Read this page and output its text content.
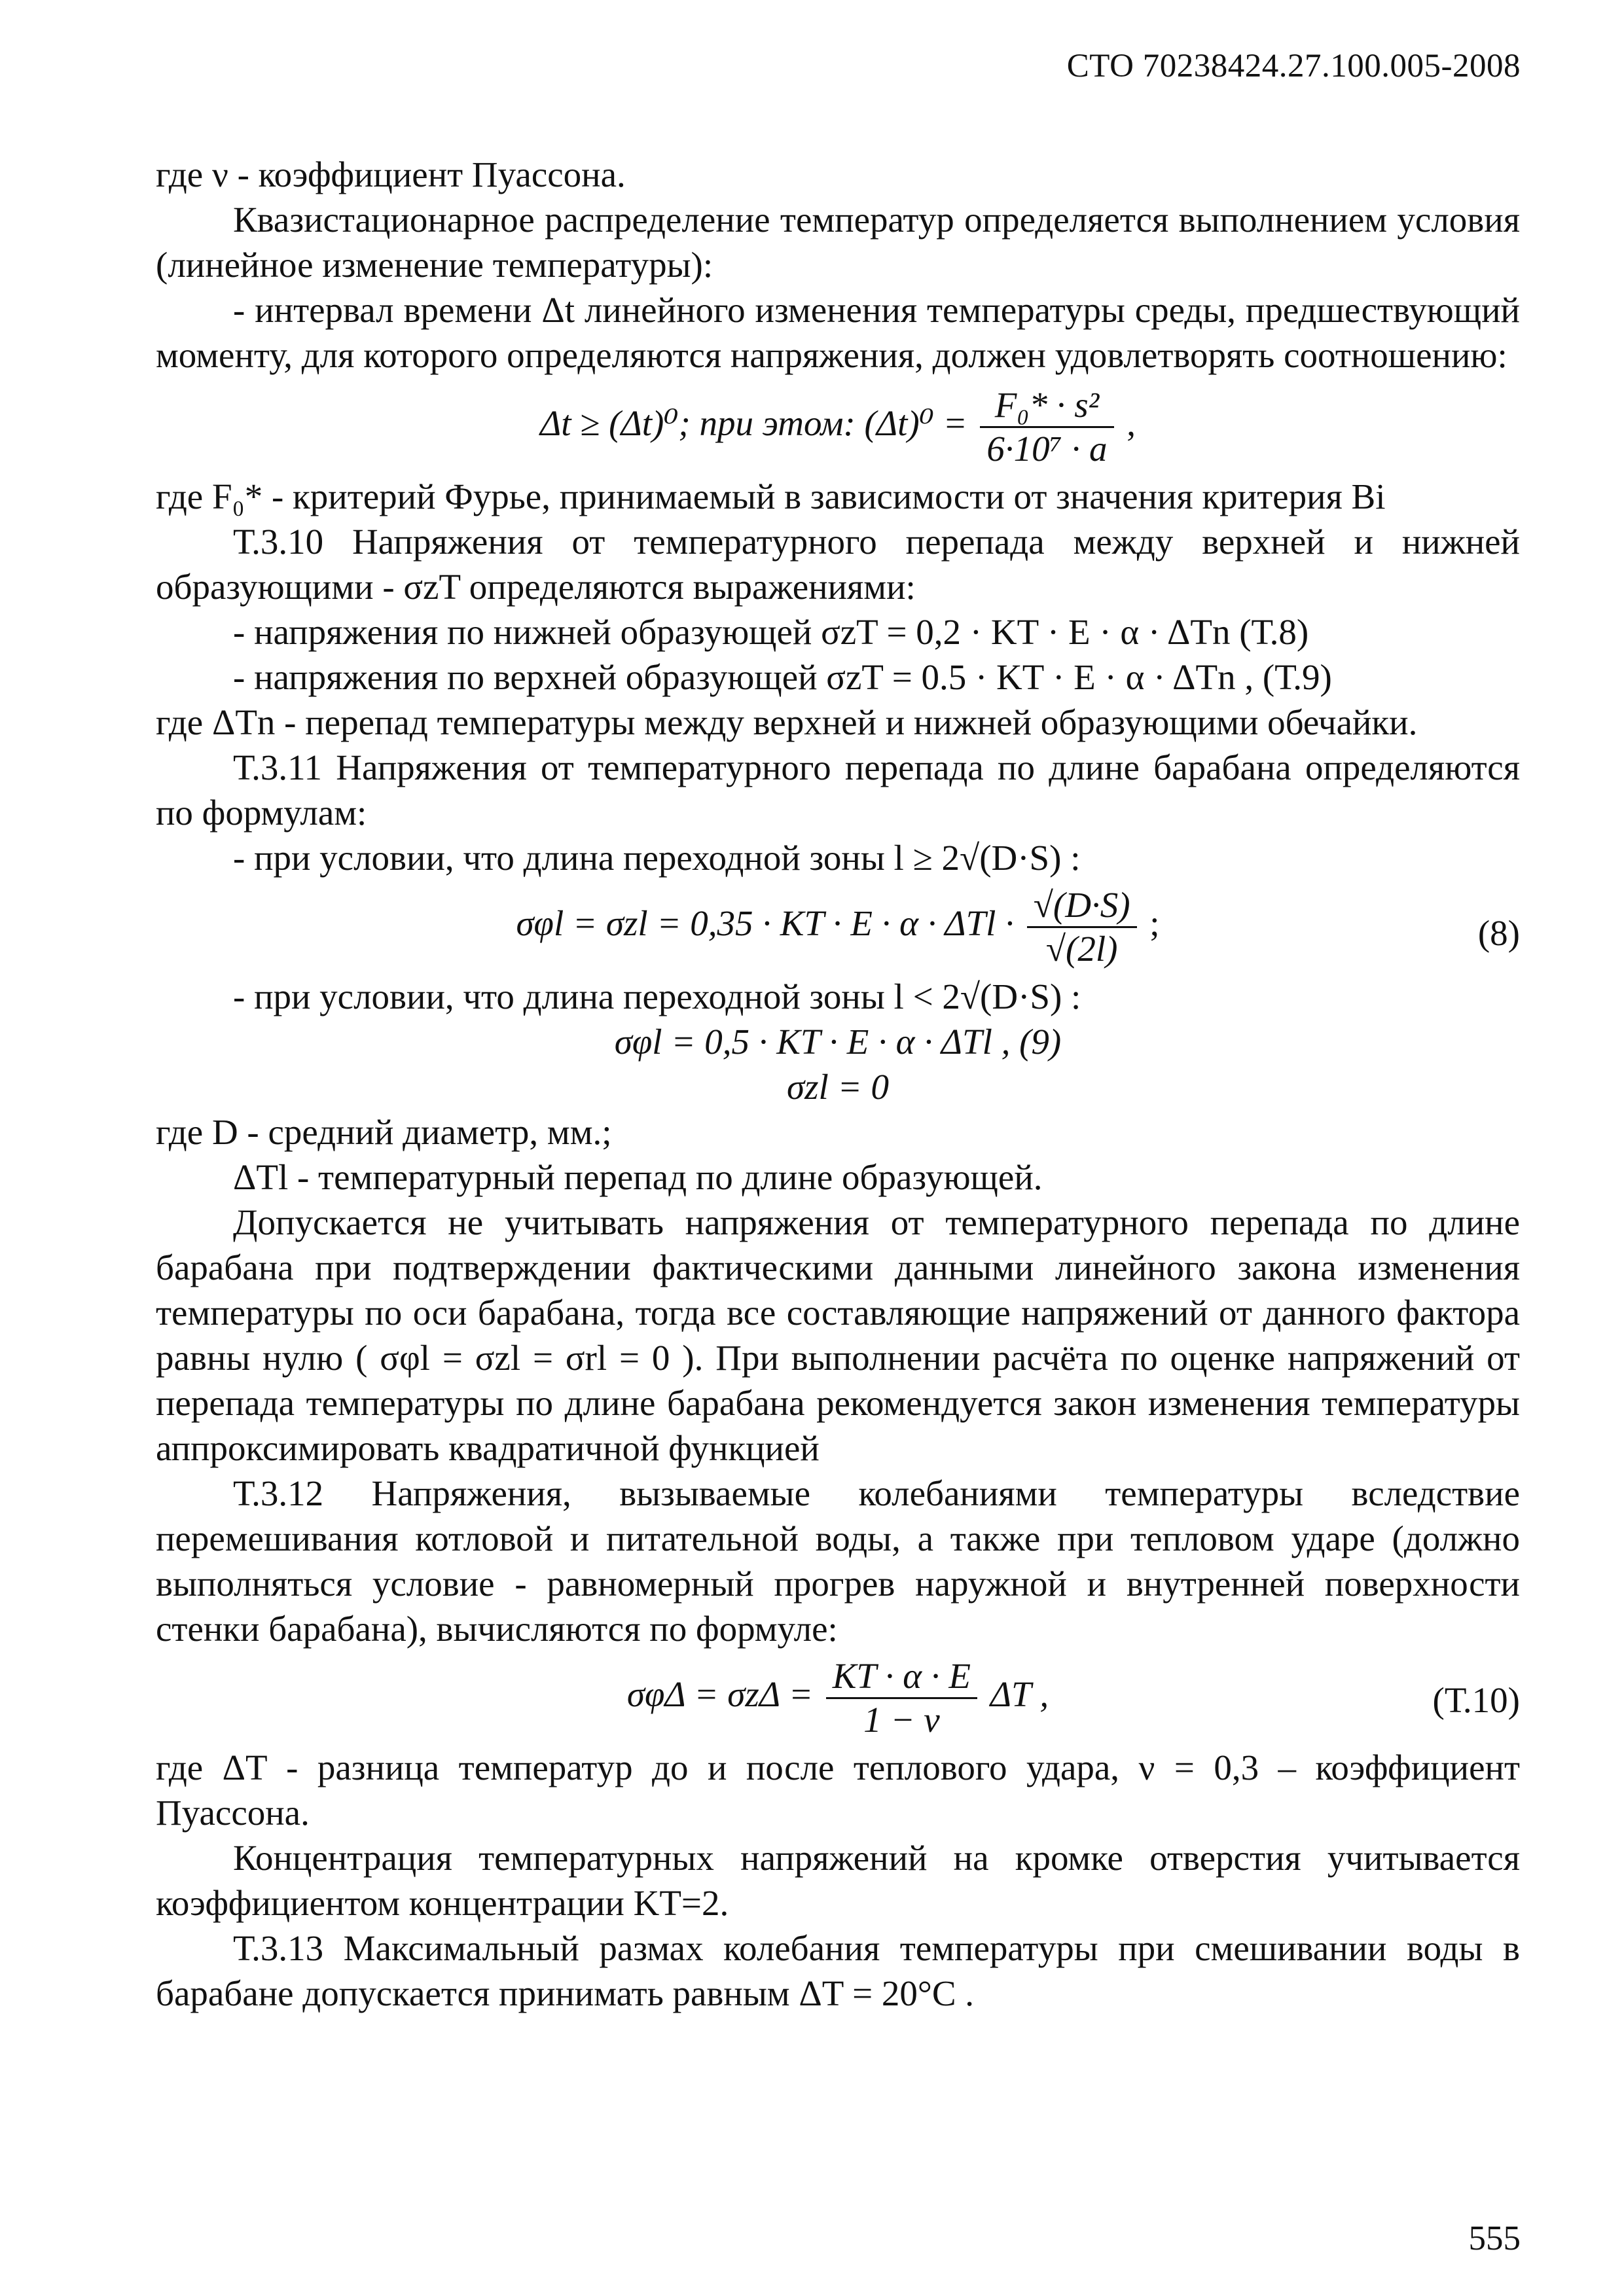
СТО 70238424.27.100.005-2008

где ν - коэффициент Пуассона.

Квазистационарное распределение температур определяется выполнением условия (линейное изменение температуры):

- интервал времени Δt линейного изменения температуры среды, предшествующий моменту, для которого определяются напряжения, должен удовлетворять соотношению:

Δt ≥ (Δt)⁰; при этом: $(\Delta t)^0 = \frac{\text{F₀* · s²}}{\text{6·10⁷ · a}}$ ,

где F₀* - критерий Фурье, принимаемый в зависимости от значения критерия Bi

Т.3.10 Напряжения от температурного перепада между верхней и нижней образующими - σzT определяются выражениями:

- напряжения по нижней образующей σzT = 0,2 · KT · E · α · ΔTn (Т.8)

- напряжения по верхней образующей σzT = 0.5 · KT · E · α · ΔTn , (Т.9)

где ΔTn - перепад температуры между верхней и нижней образующими обечайки.

Т.3.11 Напряжения от температурного перепада по длине барабана определяются по формулам:

- при условии, что длина переходной зоны l ≥ 2√(D·S) :

σφl = σzl = 0,35 · KT · $E \cdot \alpha \cdot \Delta Tl \cdot \frac{√(D\cdot S)}{√(2l)}$ ;	(8)

- при условии, что длина переходной зоны l < 2√(D·S) :

σφl = 0,5 · KT · E · α · ΔTl , (9)

σzl = 0

где D - средний диаметр, мм.;

ΔTl - температурный перепад по длине образующей.

Допускается не учитывать напряжения от температурного перепада по длине барабана при подтверждении фактическими данными линейного закона изменения температуры по оси барабана, тогда все составляющие напряжений от данного фактора равны нулю ( σφl = σzl = σrl = 0 ). При выполнении расчёта по оценке напряжений от перепада температуры по длине барабана рекомендуется закон изменения температуры аппроксимировать квадратичной функцией

Т.3.12 Напряжения, вызываемые колебаниями температуры вследствие перемешивания котловой и питательной воды, а также при тепловом ударе (должно выполняться условие - равномерный прогрев наружной и внутренней поверхности стенки барабана), вычисляются по формуле:

$\sigma\varphi\Delta = \sigma z\Delta = \frac{KT \cdot \alpha \cdot E}{1 - \nu}$ ΔT ,	(Т.10)

где ΔT - разница температур до и после теплового удара, ν = 0,3 – коэффициент Пуассона.

Концентрация температурных напряжений на кромке отверстия учитывается коэффициентом концентрации KT=2.

Т.3.13 Максимальный размах колебания температуры при смешивании воды в барабане допускается принимать равным ΔT = 20°C .

555
